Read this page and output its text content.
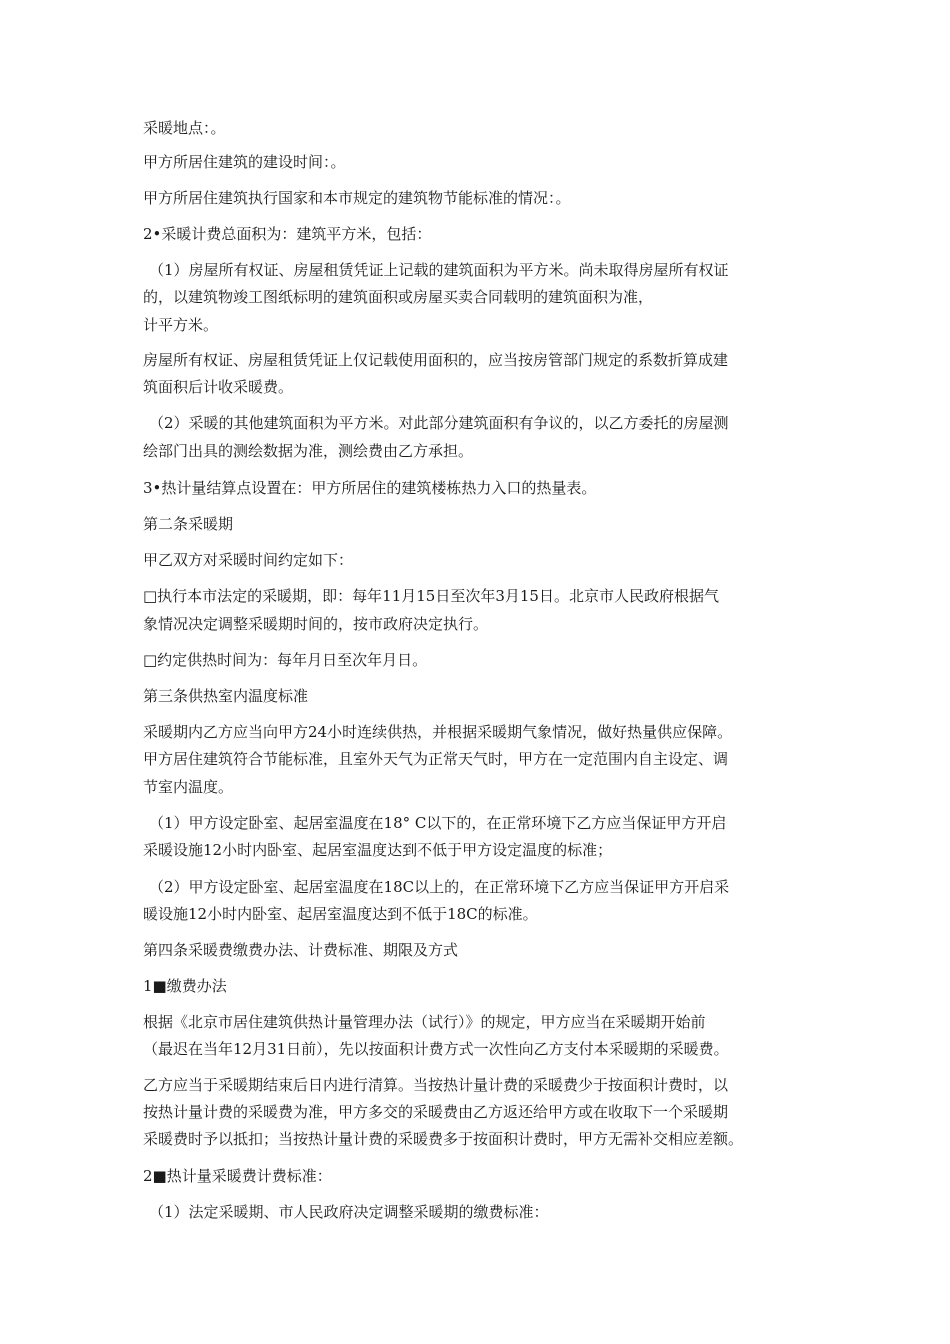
采暖地点：。
甲方所居住建筑的建设时间：。
甲方所居住建筑执行国家和本市规定的建筑物节能标准的情况：。
2•采暖计费总面积为：建筑平方米，包括：
（1）房屋所有权证、房屋租赁凭证上记载的建筑面积为平方米。尚未取得房屋所有权证
的，以建筑物竣工图纸标明的建筑面积或房屋买卖合同载明的建筑面积为准，
计平方米。
房屋所有权证、房屋租赁凭证上仅记载使用面积的，应当按房管部门规定的系数折算成建
筑面积后计收采暖费。
（2）采暖的其他建筑面积为平方米。对此部分建筑面积有争议的，以乙方委托的房屋测
绘部门出具的测绘数据为准，测绘费由乙方承担。
3•热计量结算点设置在：甲方所居住的建筑楼栋热力入口的热量表。
第二条采暖期
甲乙双方对采暖时间约定如下：
□执行本市法定的采暖期，即：每年11月15日至次年3月15日。北京市人民政府根据气
象情况决定调整采暖期时间的，按市政府决定执行。
□约定供热时间为：每年月日至次年月日。
第三条供热室内温度标准
采暖期内乙方应当向甲方24小时连续供热，并根据采暖期气象情况，做好热量供应保障。
甲方居住建筑符合节能标准，且室外天气为正常天气时，甲方在一定范围内自主设定、调
节室内温度。
（1）甲方设定卧室、起居室温度在18° C以下的，在正常环境下乙方应当保证甲方开启
采暖设施12小时内卧室、起居室温度达到不低于甲方设定温度的标准；
（2）甲方设定卧室、起居室温度在18C以上的，在正常环境下乙方应当保证甲方开启采
暖设施12小时内卧室、起居室温度达到不低于18C的标准。
第四条采暖费缴费办法、计费标准、期限及方式
1■缴费办法
根据《北京市居住建筑供热计量管理办法（试行）》的规定，甲方应当在采暖期开始前
（最迟在当年12月31日前），先以按面积计费方式一次性向乙方支付本采暖期的采暖费。
乙方应当于采暖期结束后日内进行清算。当按热计量计费的采暖费少于按面积计费时，以
按热计量计费的采暖费为准，甲方多交的采暖费由乙方返还给甲方或在收取下一个采暖期
采暖费时予以抵扣；当按热计量计费的采暖费多于按面积计费时，甲方无需补交相应差额。
2■热计量采暖费计费标准：
（1）法定采暖期、市人民政府决定调整采暖期的缴费标准：
